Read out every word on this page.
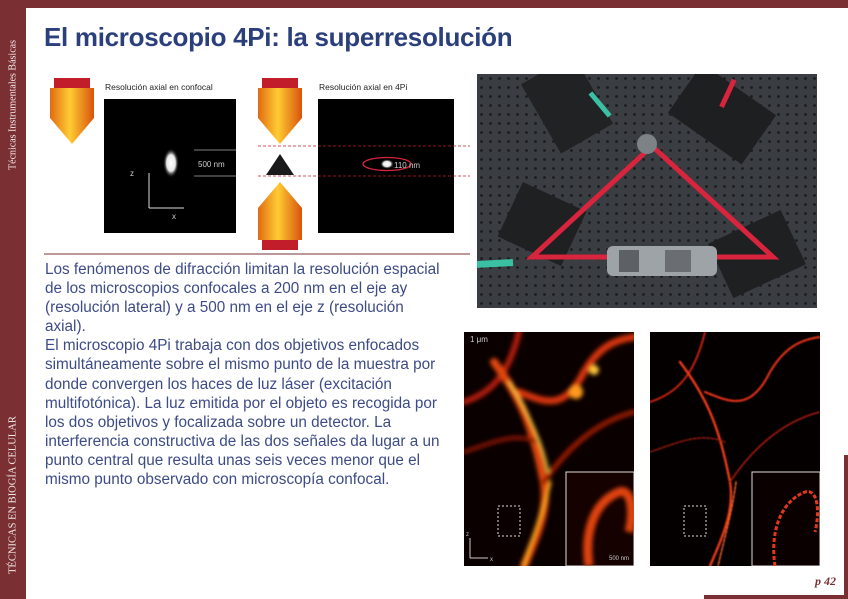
Técnicas Instrumentales Básicas
TÉCNICAS EN BIOGÍA CELULAR
El microscopio 4Pi: la superresolución
Resolución axial en confocal	Resolución axial en 4Pi
x
z
500 nm	110 nm

Los fenómenos de difracción limitan la resolución espacial de los microscopios confocales a 200 nm en el eje ay (resolución lateral) y a 500 nm en el eje z (resolución axial).

El microscopio 4Pi trabaja con dos objetivos enfocados simultáneamente sobre el mismo punto de la muestra por donde convergen los haces de luz láser (excitación multifotónica). La luz emitida por el objeto es recogida por los dos objetivos y focalizada sobre un detector. La interferencia constructiva de las dos señales da lugar a un punto central que resulta unas seis veces menor que el mismo punto observado con microscopía confocal.

1 μm
500 nm
z
x
p 42
